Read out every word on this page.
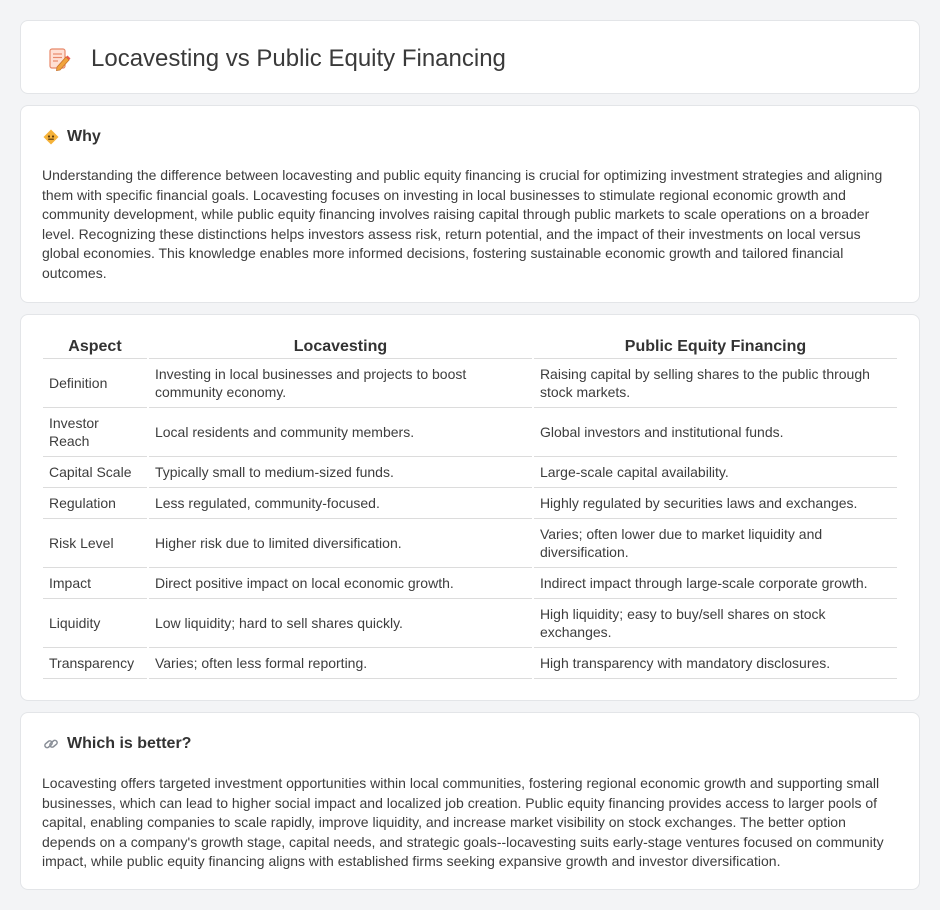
Locavesting vs Public Equity Financing
Why

Understanding the difference between locavesting and public equity financing is crucial for optimizing investment strategies and aligning them with specific financial goals. Locavesting focuses on investing in local businesses to stimulate regional economic growth and community development, while public equity financing involves raising capital through public markets to scale operations on a broader level. Recognizing these distinctions helps investors assess risk, return potential, and the impact of their investments on local versus global economies. This knowledge enables more informed decisions, fostering sustainable economic growth and tailored financial outcomes.

Aspect	Locavesting	Public Equity Financing
Definition	Investing in local businesses and projects to boost community economy.	Raising capital by selling shares to the public through stock markets.
Investor Reach	Local residents and community members.	Global investors and institutional funds.
Capital Scale	Typically small to medium-sized funds.	Large-scale capital availability.
Regulation	Less regulated, community-focused.	Highly regulated by securities laws and exchanges.
Risk Level	Higher risk due to limited diversification.	Varies; often lower due to market liquidity and diversification.
Impact	Direct positive impact on local economic growth.	Indirect impact through large-scale corporate growth.
Liquidity	Low liquidity; hard to sell shares quickly.	High liquidity; easy to buy/sell shares on stock exchanges.
Transparency	Varies; often less formal reporting.	High transparency with mandatory disclosures.
Which is better?

Locavesting offers targeted investment opportunities within local communities, fostering regional economic growth and supporting small businesses, which can lead to higher social impact and localized job creation. Public equity financing provides access to larger pools of capital, enabling companies to scale rapidly, improve liquidity, and increase market visibility on stock exchanges. The better option depends on a company's growth stage, capital needs, and strategic goals--locavesting suits early-stage ventures focused on community impact, while public equity financing aligns with established firms seeking expansive growth and investor diversification.
